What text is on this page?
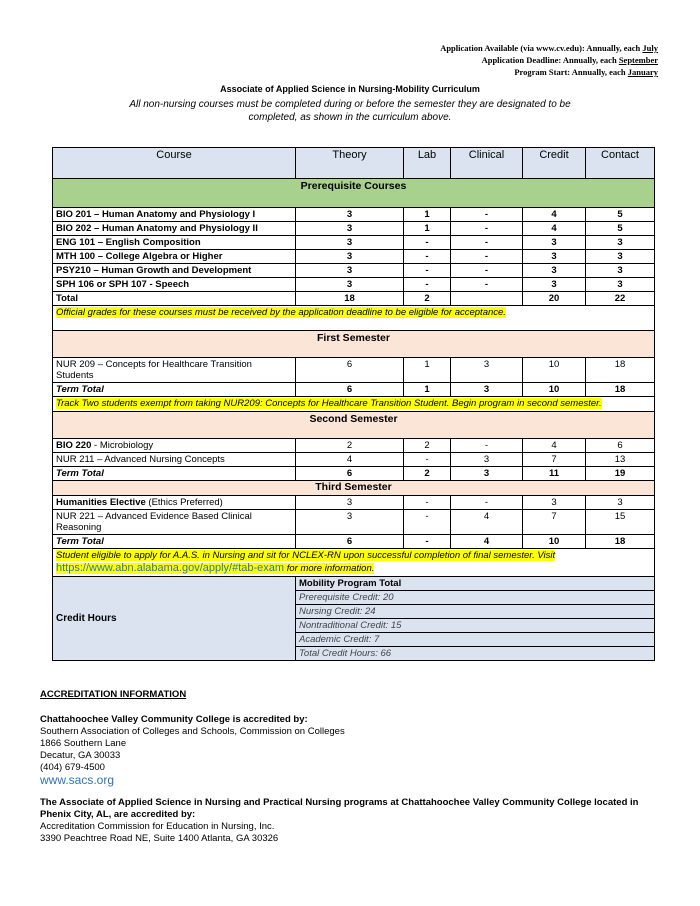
Application Available (via www.cv.edu): Annually, each July
Application Deadline: Annually, each September
Program Start: Annually, each January
Associate of Applied Science in Nursing-Mobility Curriculum
All non-nursing courses must be completed during or before the semester they are designated to be completed, as shown in the curriculum above.
Course	Theory	Lab	Clinical	Credit	Contact
Prerequisite Courses					
BIO 201 – Human Anatomy and Physiology I	3	1	-	4	5
BIO 202 – Human Anatomy and Physiology II	3	1	-	4	5
ENG 101 – English Composition	3	-	-	3	3
MTH 100 – College Algebra or Higher	3	-	-	3	3
PSY210 – Human Growth and Development	3	-	-	3	3
SPH 106 or SPH 107 - Speech	3	-	-	3	3
Total	18	2		20	22
Official grades for these courses must be received by the application deadline to be eligible for acceptance.					
First Semester					
NUR 209 – Concepts for Healthcare Transition Students	6	1	3	10	18
Term Total	6	1	3	10	18
Track Two students exempt from taking NUR209: Concepts for Healthcare Transition Student. Begin program in second semester.					
Second Semester					
BIO 220 - Microbiology	2	2	-	4	6
NUR 211 – Advanced Nursing Concepts	4	-	3	7	13
Term Total	6	2	3	11	19
Third Semester					
Humanities Elective (Ethics Preferred)	3	-	-	3	3
NUR 221 – Advanced Evidence Based Clinical Reasoning	3	-	4	7	15
Term Total	6	-	4	10	18
Student eligible to apply for A.A.S. in Nursing and sit for NCLEX-RN upon successful completion of final semester. Visit https://www.abn.alabama.gov/apply/#tab-exam for more information.					
Credit Hours	Mobility Program Total				
	Prerequisite Credit: 20				
	Nursing Credit: 24				
	Nontraditional Credit: 15				
	Academic Credit: 7				
	Total Credit Hours: 66				
ACCREDITATION INFORMATION
Chattahoochee Valley Community College is accredited by:
Southern Association of Colleges and Schools, Commission on Colleges
1866 Southern Lane
Decatur, GA 30033
(404) 679-4500
www.sacs.org
The Associate of Applied Science in Nursing and Practical Nursing programs at Chattahoochee Valley Community College located in Phenix City, AL, are accredited by:
Accreditation Commission for Education in Nursing, Inc.
3390 Peachtree Road NE, Suite 1400 Atlanta, GA 30326
